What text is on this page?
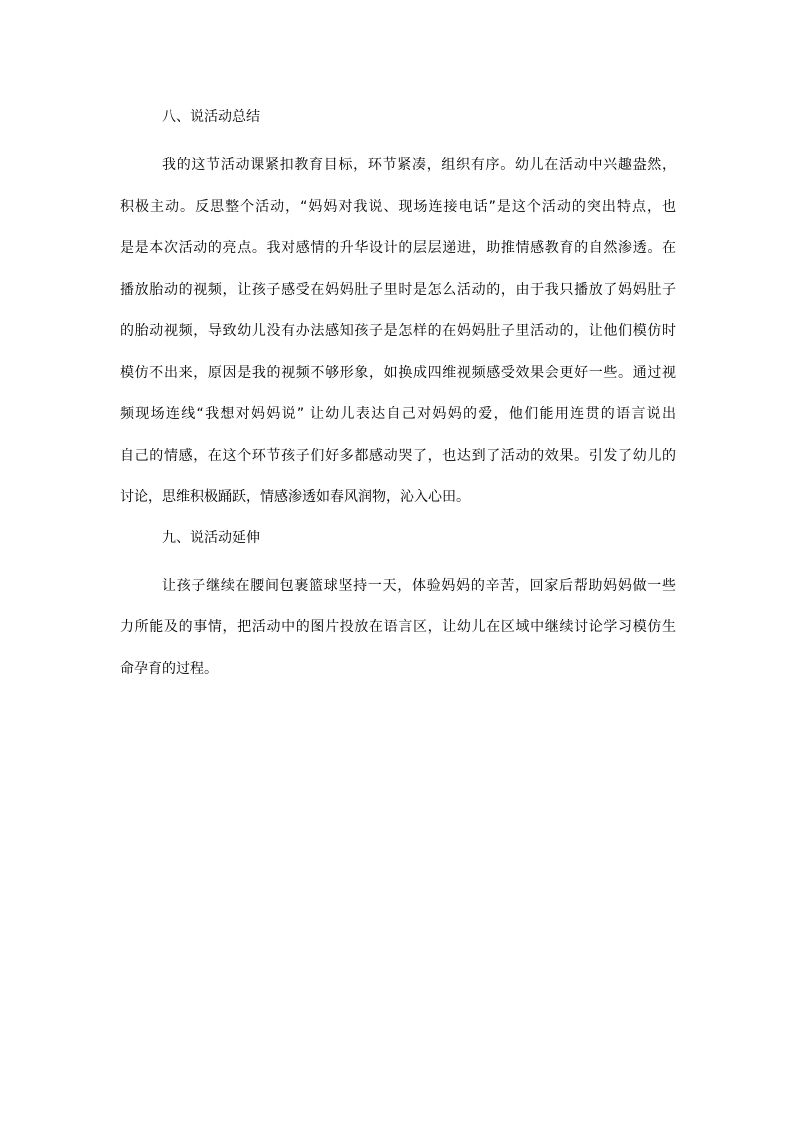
八、说活动总结
我的这节活动课紧扣教育目标，环节紧凑，组织有序。幼儿在活动中兴趣盎然，
积极主动。反思整个活动，“妈妈对我说、现场连接电话”是这个活动的突出特点，也
是是本次活动的亮点。我对感情的升华设计的层层递进，助推情感教育的自然渗透。在
播放胎动的视频，让孩子感受在妈妈肚子里时是怎么活动的，由于我只播放了妈妈肚子
的胎动视频，导致幼儿没有办法感知孩子是怎样的在妈妈肚子里活动的，让他们模仿时
模仿不出来，原因是我的视频不够形象，如换成四维视频感受效果会更好一些。通过视
频现场连线“我想对妈妈说” 让幼儿表达自己对妈妈的爱，他们能用连贯的语言说出
自己的情感，在这个环节孩子们好多都感动哭了，也达到了活动的效果。引发了幼儿的
讨论，思维积极踊跃，情感渗透如春风润物，沁入心田。
九、说活动延伸
让孩子继续在腰间包裹篮球坚持一天，体验妈妈的辛苦，回家后帮助妈妈做一些
力所能及的事情，把活动中的图片投放在语言区，让幼儿在区域中继续讨论学习模仿生
命孕育的过程。
